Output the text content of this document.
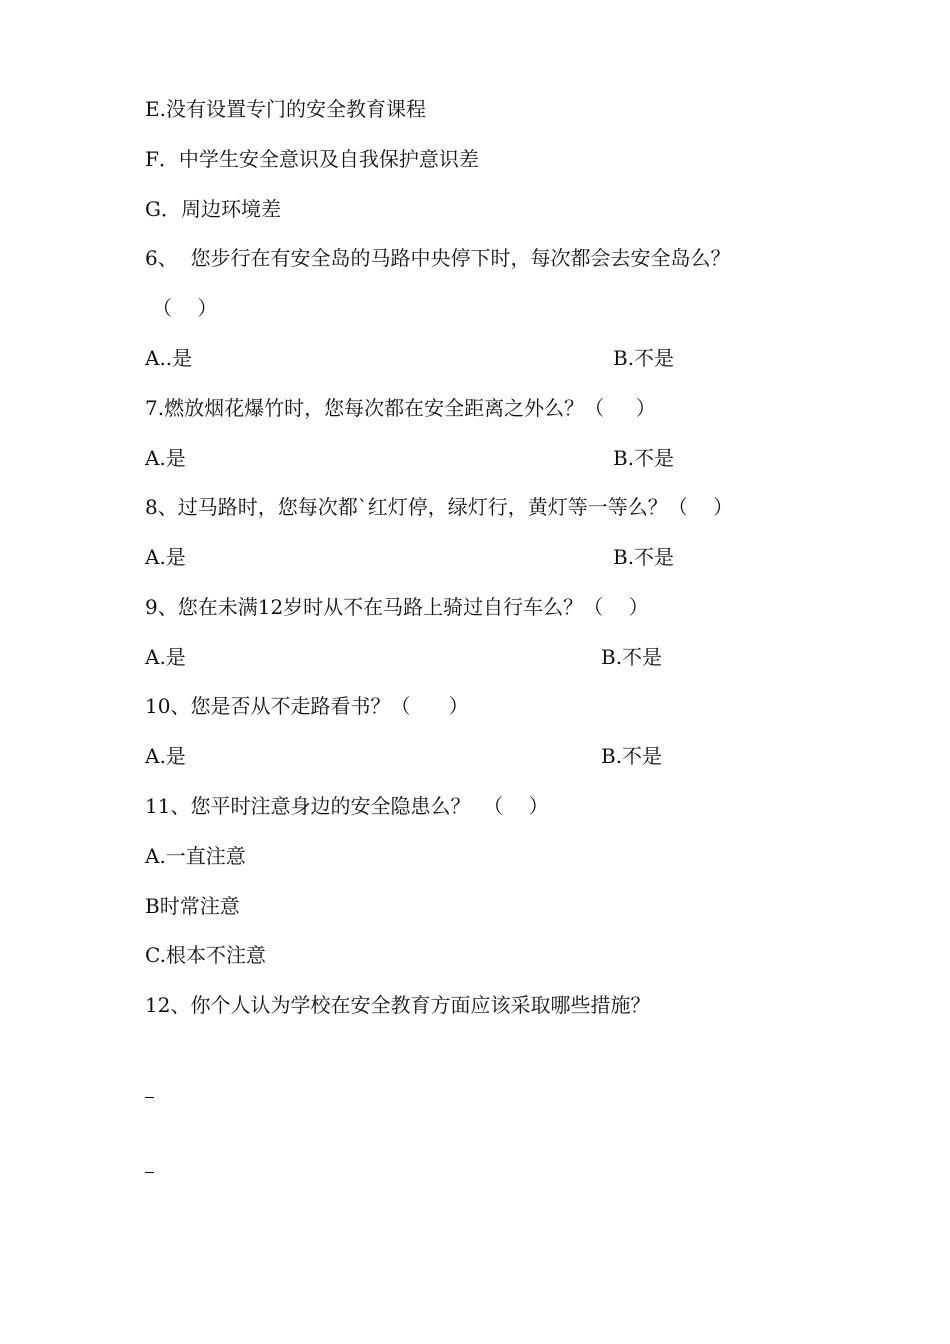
E.没有设置专门的安全教育课程
F．中学生安全意识及自我保护意识差
G．周边环境差
6、  您步行在有安全岛的马路中央停下时，每次都会去安全岛么？
（    ）
A..是	B.不是
7.燃放烟花爆竹时，您每次都在安全距离之外么？（     ）
A.是	B.不是
8、过马路时，您每次都`红灯停，绿灯行，黄灯等一等么？（    ）
A.是	B.不是
9、您在未满12岁时从不在马路上骑过自行车么？（    ）
A.是	B.不是
10、您是否从不走路看书？（      ）
A.是	B.不是
11、您平时注意身边的安全隐患么？  （    ）
A.一直注意
B时常注意
C.根本不注意
12、你个人认为学校在安全教育方面应该采取哪些措施？
